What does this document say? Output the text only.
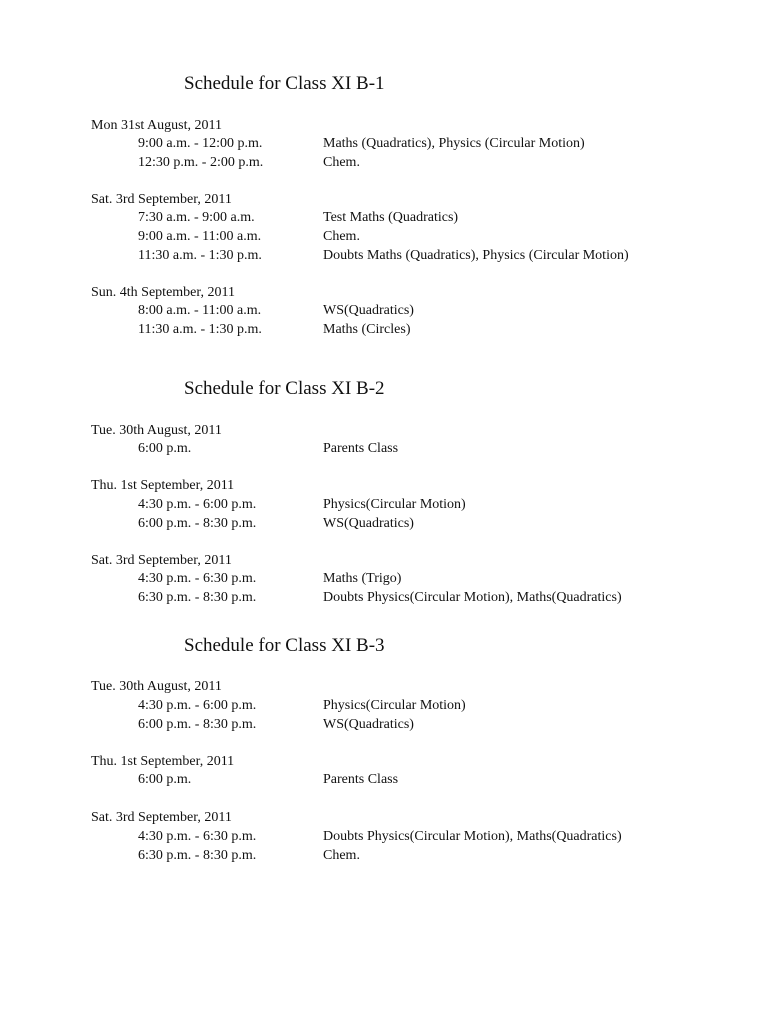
Schedule for Class XI B-1
Mon 31st August, 2011
9:00 a.m. - 12:00 p.m.	Maths (Quadratics), Physics (Circular Motion)
12:30 p.m. - 2:00 p.m.	Chem.
Sat. 3rd September, 2011
7:30 a.m. - 9:00 a.m.	Test Maths (Quadratics)
9:00 a.m. - 11:00 a.m.	Chem.
11:30 a.m. - 1:30 p.m.	Doubts Maths (Quadratics), Physics (Circular Motion)
Sun. 4th September, 2011
8:00 a.m. - 11:00 a.m.	WS(Quadratics)
11:30 a.m. - 1:30 p.m.	Maths (Circles)
Schedule for Class XI B-2
Tue. 30th August, 2011
6:00 p.m.	Parents Class
Thu. 1st September, 2011
4:30 p.m. - 6:00 p.m.	Physics(Circular Motion)
6:00 p.m. - 8:30 p.m.	WS(Quadratics)
Sat. 3rd September, 2011
4:30 p.m. - 6:30 p.m.	Maths (Trigo)
6:30 p.m. - 8:30 p.m.	Doubts Physics(Circular Motion), Maths(Quadratics)
Schedule for Class XI B-3
Tue. 30th August, 2011
4:30 p.m. - 6:00 p.m.	Physics(Circular Motion)
6:00 p.m. - 8:30 p.m.	WS(Quadratics)
Thu. 1st September, 2011
6:00 p.m.	Parents Class
Sat. 3rd September, 2011
4:30 p.m. - 6:30 p.m.	Doubts Physics(Circular Motion), Maths(Quadratics)
6:30 p.m. - 8:30 p.m.	Chem.
